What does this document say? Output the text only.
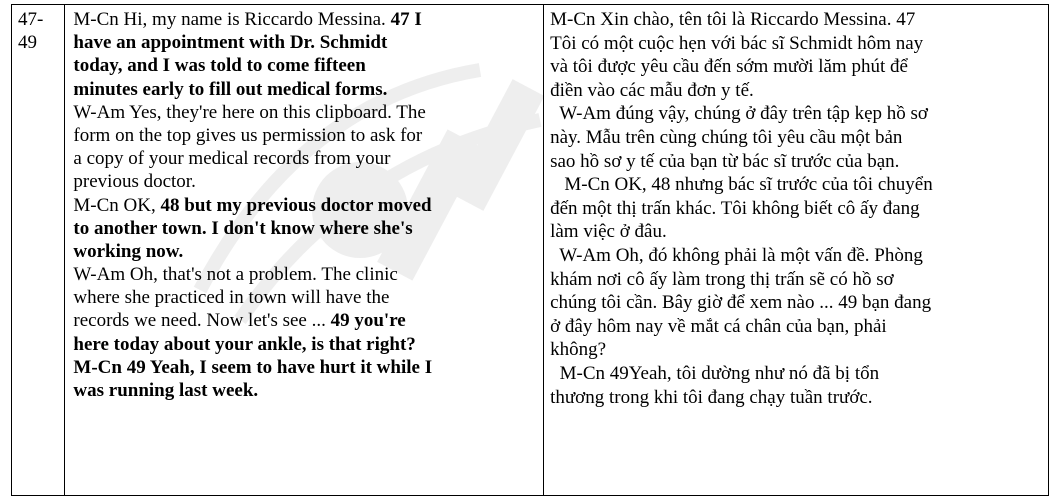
47-
49

M-Cn Hi, my name is Riccardo Messina. 47 I
have an appointment with Dr. Schmidt
today, and I was told to come fifteen
minutes early to fill out medical forms.
W-Am Yes, they're here on this clipboard. The
form on the top gives us permission to ask for
a copy of your medical records from your
previous doctor.
M-Cn OK, 48 but my previous doctor moved
to another town. I don't know where she's
working now.
W-Am Oh, that's not a problem. The clinic
where she practiced in town will have the
records we need. Now let's see ... 49 you're
here today about your ankle, is that right?
M-Cn 49 Yeah, I seem to have hurt it while I
was running last week.

M-Cn Xin chào, tên tôi là Riccardo Messina. 47
Tôi có một cuộc hẹn với bác sĩ Schmidt hôm nay
và tôi được yêu cầu đến sớm mười lăm phút để
điền vào các mẫu đơn y tế.
W-Am đúng vậy, chúng ở đây trên tập kẹp hồ sơ
này. Mẫu trên cùng chúng tôi yêu cầu một bản
sao hồ sơ y tế của bạn từ bác sĩ trước của bạn.
M-Cn OK, 48 nhưng bác sĩ trước của tôi chuyển
đến một thị trấn khác. Tôi không biết cô ấy đang
làm việc ở đâu.
W-Am Oh, đó không phải là một vấn đề. Phòng
khám nơi cô ấy làm trong thị trấn sẽ có hồ sơ
chúng tôi cần. Bây giờ để xem nào ... 49 bạn đang
ở đây hôm nay về mắt cá chân của bạn, phải
không?
M-Cn 49Yeah, tôi dường như nó đã bị tổn
thương trong khi tôi đang chạy tuần trước.
